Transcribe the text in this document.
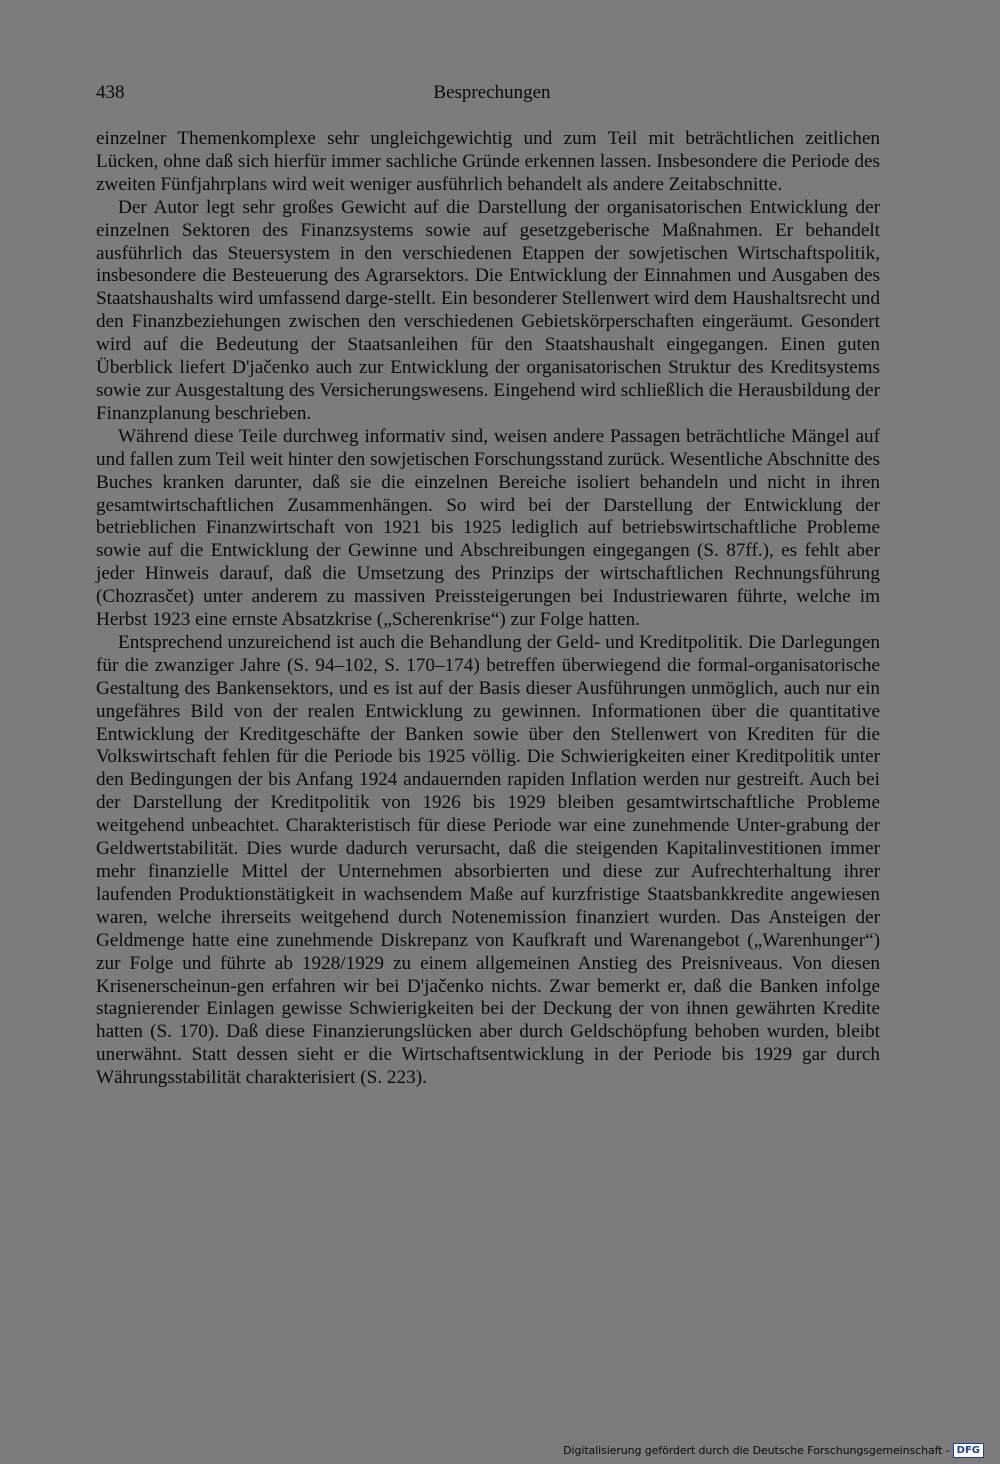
438	Besprechungen

einzelner Themenkomplexe sehr ungleichgewichtig und zum Teil mit beträchtlichen zeitlichen Lücken, ohne daß sich hierfür immer sachliche Gründe erkennen lassen. Insbesondere die Periode des zweiten Fünfjahrplans wird weit weniger ausführlich behandelt als andere Zeitabschnitte.

Der Autor legt sehr großes Gewicht auf die Darstellung der organisatorischen Entwicklung der einzelnen Sektoren des Finanzsystems sowie auf gesetzgeberische Maßnahmen. Er behandelt ausführlich das Steuersystem in den verschiedenen Etappen der sowjetischen Wirtschaftspolitik, insbesondere die Besteuerung des Agrarsektors. Die Entwicklung der Einnahmen und Ausgaben des Staatshaushalts wird umfassend darge-stellt. Ein besonderer Stellenwert wird dem Haushaltsrecht und den Finanzbeziehungen zwischen den verschiedenen Gebietskörperschaften eingeräumt. Gesondert wird auf die Bedeutung der Staatsanleihen für den Staatshaushalt eingegangen. Einen guten Überblick liefert D'jačenko auch zur Entwicklung der organisatorischen Struktur des Kreditsystems sowie zur Ausgestaltung des Versicherungswesens. Eingehend wird schließlich die Herausbildung der Finanzplanung beschrieben.

Während diese Teile durchweg informativ sind, weisen andere Passagen beträchtliche Mängel auf und fallen zum Teil weit hinter den sowjetischen Forschungsstand zurück. Wesentliche Abschnitte des Buches kranken darunter, daß sie die einzelnen Bereiche isoliert behandeln und nicht in ihren gesamtwirtschaftlichen Zusammenhängen. So wird bei der Darstellung der Entwicklung der betrieblichen Finanzwirtschaft von 1921 bis 1925 lediglich auf betriebswirtschaftliche Probleme sowie auf die Entwicklung der Gewinne und Abschreibungen eingegangen (S. 87ff.), es fehlt aber jeder Hinweis darauf, daß die Umsetzung des Prinzips der wirtschaftlichen Rechnungsführung (Chozrasčet) unter anderem zu massiven Preissteigerungen bei Industriewaren führte, welche im Herbst 1923 eine ernste Absatzkrise („Scherenkrise“) zur Folge hatten.

Entsprechend unzureichend ist auch die Behandlung der Geld- und Kreditpolitik. Die Darlegungen für die zwanziger Jahre (S. 94–102, S. 170–174) betreffen überwiegend die formal-organisatorische Gestaltung des Bankensektors, und es ist auf der Basis dieser Ausführungen unmöglich, auch nur ein ungefähres Bild von der realen Entwicklung zu gewinnen. Informationen über die quantitative Entwicklung der Kreditgeschäfte der Banken sowie über den Stellenwert von Krediten für die Volkswirtschaft fehlen für die Periode bis 1925 völlig. Die Schwierigkeiten einer Kreditpolitik unter den Bedingungen der bis Anfang 1924 andauernden rapiden Inflation werden nur gestreift. Auch bei der Darstellung der Kreditpolitik von 1926 bis 1929 bleiben gesamtwirtschaftliche Probleme weitgehend unbeachtet. Charakteristisch für diese Periode war eine zunehmende Unter-grabung der Geldwertstabilität. Dies wurde dadurch verursacht, daß die steigenden Kapitalinvestitionen immer mehr finanzielle Mittel der Unternehmen absorbierten und diese zur Aufrechterhaltung ihrer laufenden Produktionstätigkeit in wachsendem Maße auf kurzfristige Staatsbankkredite angewiesen waren, welche ihrerseits weitgehend durch Notenemission finanziert wurden. Das Ansteigen der Geldmenge hatte eine zunehmende Diskrepanz von Kaufkraft und Warenangebot („Warenhunger“) zur Folge und führte ab 1928/1929 zu einem allgemeinen Anstieg des Preisniveaus. Von diesen Krisenerscheinun-gen erfahren wir bei D'jačenko nichts. Zwar bemerkt er, daß die Banken infolge stagnierender Einlagen gewisse Schwierigkeiten bei der Deckung der von ihnen gewährten Kredite hatten (S. 170). Daß diese Finanzierungslücken aber durch Geldschöpfung behoben wurden, bleibt unerwähnt. Statt dessen sieht er die Wirtschaftsentwicklung in der Periode bis 1929 gar durch Währungsstabilität charakterisiert (S. 223).

Digitalisierung gefördert durch die Deutsche Forschungsgemeinschaft - DFG
